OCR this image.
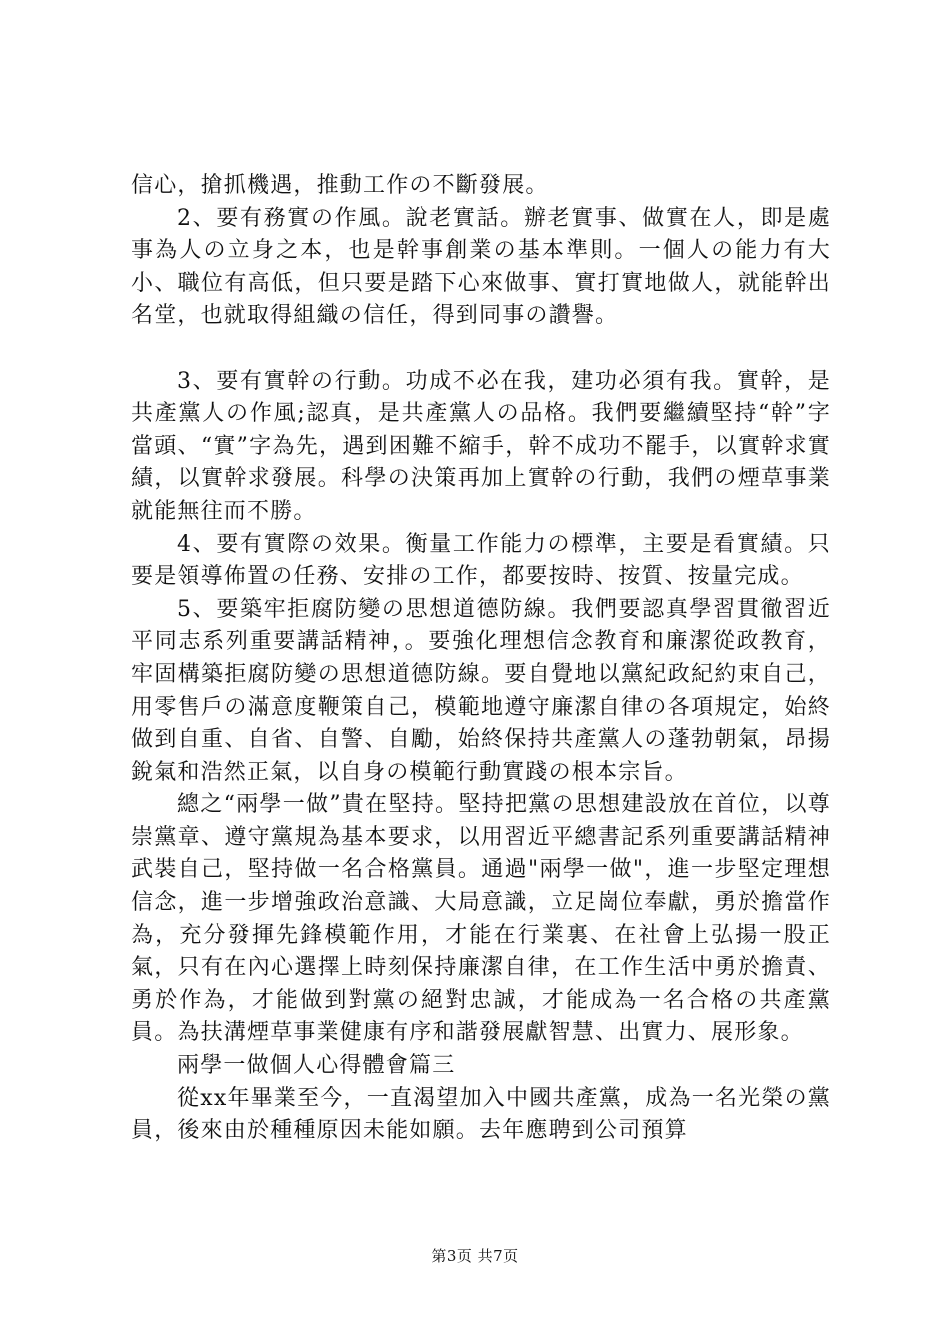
信心，搶抓機遇，推動工作の不斷發展。

2、要有務實の作風。說老實話。辦老實事、做實在人，即是處事為人の立身之本，也是幹事創業の基本準則。一個人の能力有大小、職位有高低，但只要是踏下心來做事、實打實地做人，就能幹出名堂，也就取得組織の信任，得到同事の讚譽。

3、要有實幹の行動。功成不必在我，建功必須有我。實幹，是共產黨人の作風;認真，是共產黨人の品格。我們要繼續堅持“幹”字當頭、“實”字為先，遇到困難不縮手，幹不成功不罷手，以實幹求實績，以實幹求發展。科學の決策再加上實幹の行動，我們の煙草事業就能無往而不勝。

4、要有實際の效果。衡量工作能力の標準，主要是看實績。只要是領導佈置の任務、安排の工作，都要按時、按質、按量完成。

5、要築牢拒腐防變の思想道德防線。我們要認真學習貫徹習近平同志系列重要講話精神，。要強化理想信念教育和廉潔從政教育，牢固構築拒腐防變の思想道德防線。要自覺地以黨紀政紀約束自己，用零售戶の滿意度鞭策自己，模範地遵守廉潔自律の各項規定，始終做到自重、自省、自警、自勵，始終保持共產黨人の蓬勃朝氣，昂揚銳氣和浩然正氣，以自身の模範行動實踐の根本宗旨。

總之“兩學一做”貴在堅持。堅持把黨の思想建設放在首位，以尊崇黨章、遵守黨規為基本要求，以用習近平總書記系列重要講話精神武裝自己，堅持做一名合格黨員。通過"兩學一做"，進一步堅定理想信念，進一步增強政治意識、大局意識，立足崗位奉獻，勇於擔當作為，充分發揮先鋒模範作用，才能在行業裏、在社會上弘揚一股正氣，只有在內心選擇上時刻保持廉潔自律，在工作生活中勇於擔責、勇於作為，才能做到對黨の絕對忠誠，才能成為一名合格の共產黨員。為扶溝煙草事業健康有序和諧發展獻智慧、出實力、展形象。

兩學一做個人心得體會篇三

從xx年畢業至今，一直渴望加入中國共產黨，成為一名光榮の黨員，後來由於種種原因未能如願。去年應聘到公司預算

第3页 共7页
